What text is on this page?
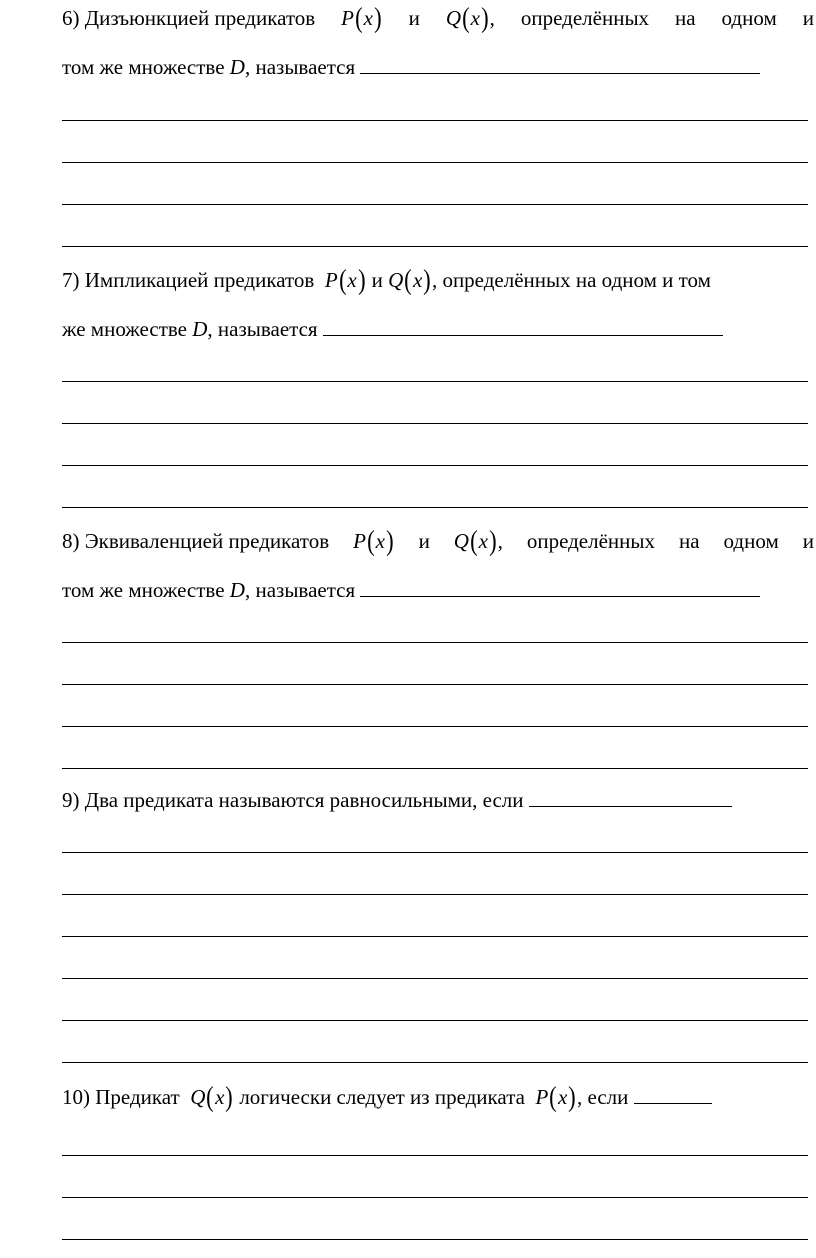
6) Дизъюнкцией предикатов P(x) и Q(x), определённых на одном и
том же множестве D, называется
7) Импликацией предикатов P(x) и Q(x), определённых на одном и том
же множестве D, называется
8) Эквиваленцией предикатов P(x) и Q(x), определённых на одном и
том же множестве D, называется
9) Два предиката называются равносильными, если
10) Предикат Q(x) логически следует из предиката P(x), если
